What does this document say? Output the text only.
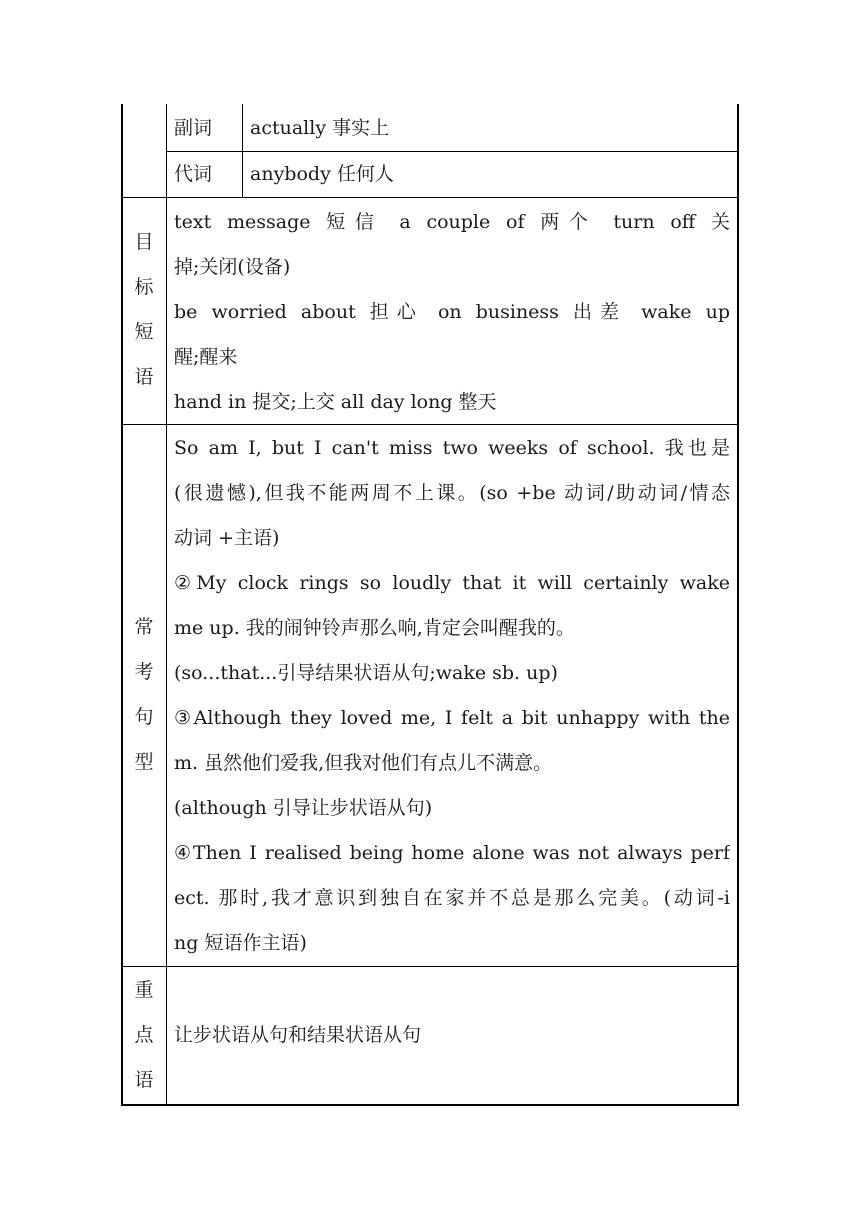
副词 actually 事实上
代词 anybody 任何人
目
标
短
语

text message 短信 a couple of 两个 turn off 关

掉;关闭(设备)

be worried about 担心 on business 出差 wake up

醒;醒来

hand in 提交;上交 all day long 整天

常
考
句
型

So am I, but I can't miss two weeks of school. 我也是

(很遗憾),但我不能两周不上课。(so +be 动词/助动词/情态

动词 +主语)

②My clock rings so loudly that it will certainly wake

me up. 我的闹钟铃声那么响,肯定会叫醒我的。

(so...that...引导结果状语从句;wake sb. up)

③Although they loved me, I felt a bit unhappy with the

m. 虽然他们爱我,但我对他们有点儿不满意。

(although 引导让步状语从句)

④Then I realised being home alone was not always perf

ect. 那时,我才意识到独自在家并不总是那么完美。(动词-i

ng 短语作主语)

重
点
语
让步状语从句和结果状语从句
